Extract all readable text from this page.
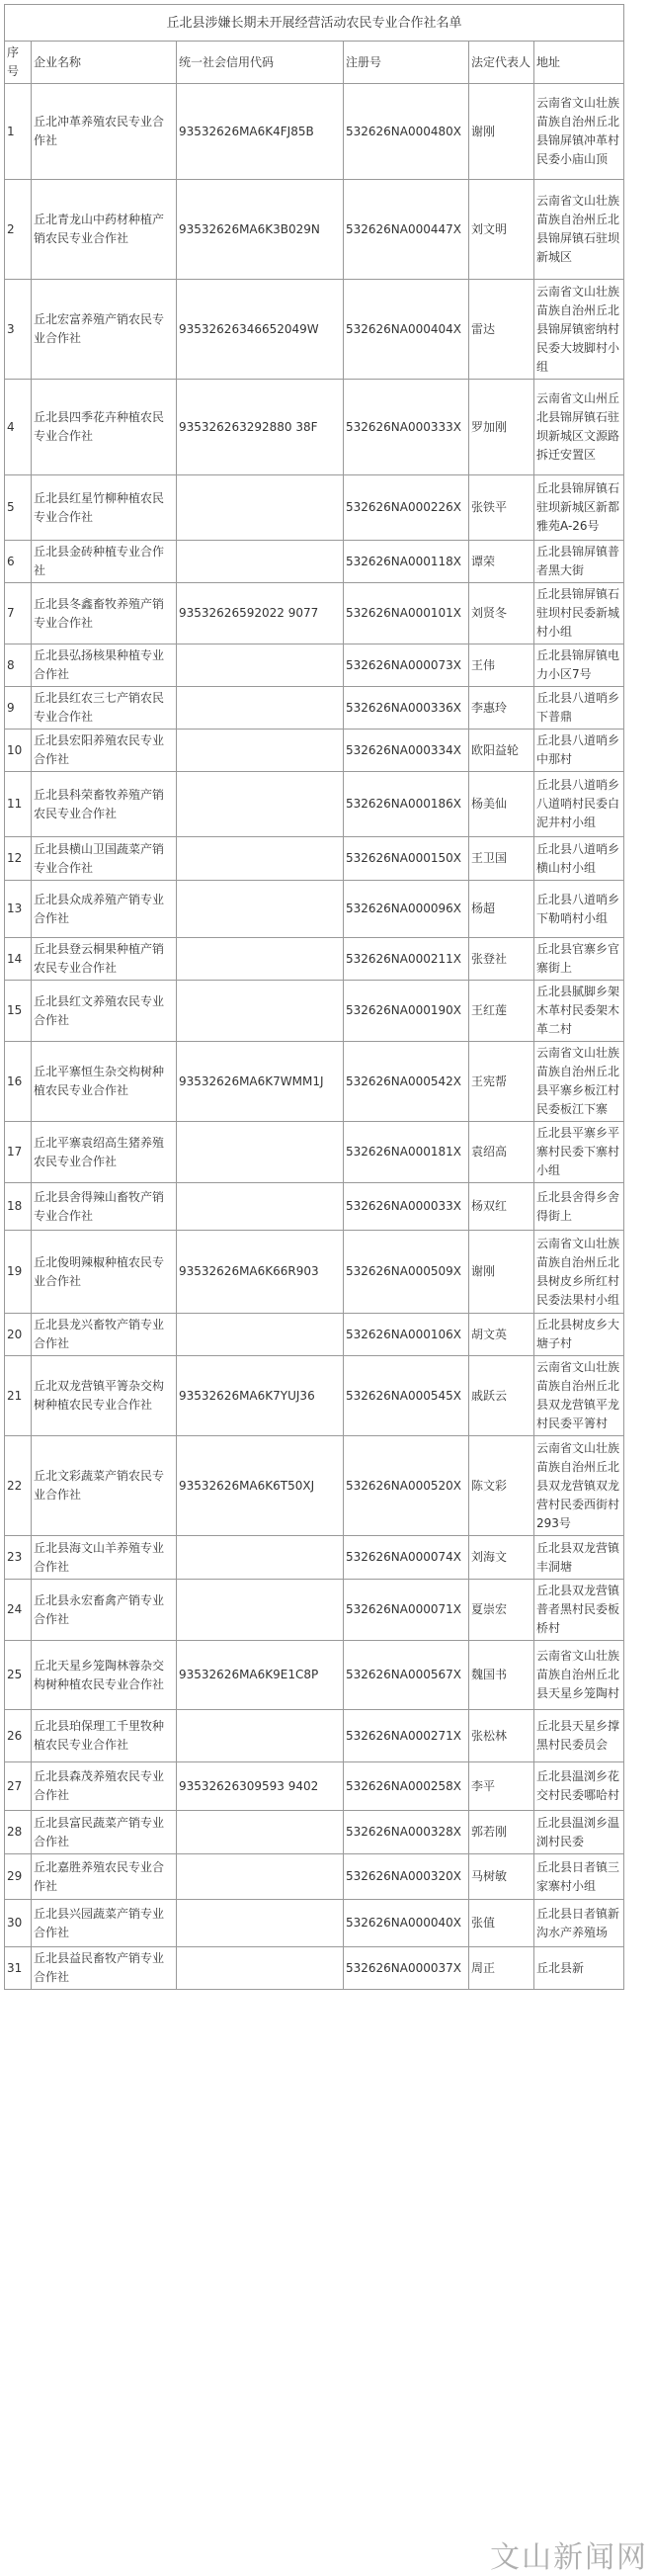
丘北县涉嫌长期未开展经营活动农民专业合作社名单					
序号	企业名称	统一社会信用代码	注册号	法定代表人	地址
1	丘北冲革养殖农民专业合作社	93532626MA6K4FJ85B	532626NA000480X	谢刚	云南省文山壮族苗族自治州丘北县锦屏镇冲革村民委小庙山顶
2	丘北青龙山中药材种植产销农民专业合作社	93532626MA6K3B029N	532626NA000447X	刘文明	云南省文山壮族苗族自治州丘北县锦屏镇石驻坝新城区
3	丘北宏富养殖产销农民专业合作社	93532626346652049W	532626NA000404X	雷达	云南省文山壮族苗族自治州丘北县锦屏镇密纳村民委大坡脚村小组
4	丘北县四季花卉种植农民专业合作社	935326263292880 38F	532626NA000333X	罗加刚	云南省文山州丘北县锦屏镇石驻坝新城区文源路拆迁安置区
5	丘北县红星竹柳种植农民专业合作社		532626NA000226X	张铁平	丘北县锦屏镇石驻坝新城区新都雅苑A-26号
6	丘北县金砖种植专业合作社		532626NA000118X	谭荣	丘北县锦屏镇普者黑大街
7	丘北县冬鑫畜牧养殖产销专业合作社	93532626592022 9077	532626NA000101X	刘贤冬	丘北县锦屏镇石驻坝村民委新城村小组
8	丘北县弘扬核果种植专业合作社		532626NA000073X	王伟	丘北县锦屏镇电力小区7号
9	丘北县红农三七产销农民专业合作社		532626NA000336X	李惠玲	丘北县八道哨乡下普鼎
10	丘北县宏阳养殖农民专业合作社		532626NA000334X	欧阳益轮	丘北县八道哨乡中那村
11	丘北县科荣畜牧养殖产销农民专业合作社		532626NA000186X	杨美仙	丘北县八道哨乡八道哨村民委白泥井村小组
12	丘北县横山卫国蔬菜产销专业合作社		532626NA000150X	王卫国	丘北县八道哨乡横山村小组
13	丘北县众成养殖产销专业合作社		532626NA000096X	杨超	丘北县八道哨乡下勒哨村小组
14	丘北县登云桐果种植产销农民专业合作社		532626NA000211X	张登社	丘北县官寨乡官寨街上
15	丘北县红文养殖农民专业合作社		532626NA000190X	王红莲	丘北县腻脚乡架木革村民委架木革二村
16	丘北平寨恒生杂交构树种植农民专业合作社	93532626MA6K7WMM1J	532626NA000542X	王宪帮	云南省文山壮族苗族自治州丘北县平寨乡板江村民委板江下寨
17	丘北平寨袁绍高生猪养殖农民专业合作社		532626NA000181X	袁绍高	丘北县平寨乡平寨村民委下寨村小组
18	丘北县舍得辣山畜牧产销专业合作社		532626NA000033X	杨双红	丘北县舍得乡舍得街上
19	丘北俊明辣椒种植农民专业合作社	93532626MA6K66R903	532626NA000509X	谢刚	云南省文山壮族苗族自治州丘北县树皮乡所红村民委法果村小组
20	丘北县龙兴畜牧产销专业合作社		532626NA000106X	胡文英	丘北县树皮乡大塘子村
21	丘北双龙营镇平箐杂交构树种植农民专业合作社	93532626MA6K7YUJ36	532626NA000545X	戚跃云	云南省文山壮族苗族自治州丘北县双龙营镇平龙村民委平箐村
22	丘北文彩蔬菜产销农民专业合作社	93532626MA6K6T50XJ	532626NA000520X	陈文彩	云南省文山壮族苗族自治州丘北县双龙营镇双龙营村民委西街村293号
23	丘北县海文山羊养殖专业合作社		532626NA000074X	刘海文	丘北县双龙营镇丰洞塘
24	丘北县永宏畜禽产销专业合作社		532626NA000071X	夏崇宏	丘北县双龙营镇普者黑村民委板桥村
25	丘北天星乡笼陶林蓉杂交构树种植农民专业合作社	93532626MA6K9E1C8P	532626NA000567X	魏国书	云南省文山壮族苗族自治州丘北县天星乡笼陶村
26	丘北县珀保理工千里牧种植农民专业合作社		532626NA000271X	张松林	丘北县天星乡撑黑村民委员会
27	丘北县森茂养殖农民专业合作社	93532626309593 9402	532626NA000258X	李平	丘北县温浏乡花交村民委哪哈村
28	丘北县富民蔬菜产销专业合作社		532626NA000328X	郭若刚	丘北县温浏乡温浏村民委
29	丘北嘉胜养殖农民专业合作社		532626NA000320X	马树敏	丘北县日者镇三家寨村小组
30	丘北县兴园蔬菜产销专业合作社		532626NA000040X	张值	丘北县日者镇新沟水产养殖场
31	丘北县益民畜牧产销专业合作社		532626NA000037X	周正	丘北县新
文山新闻网
